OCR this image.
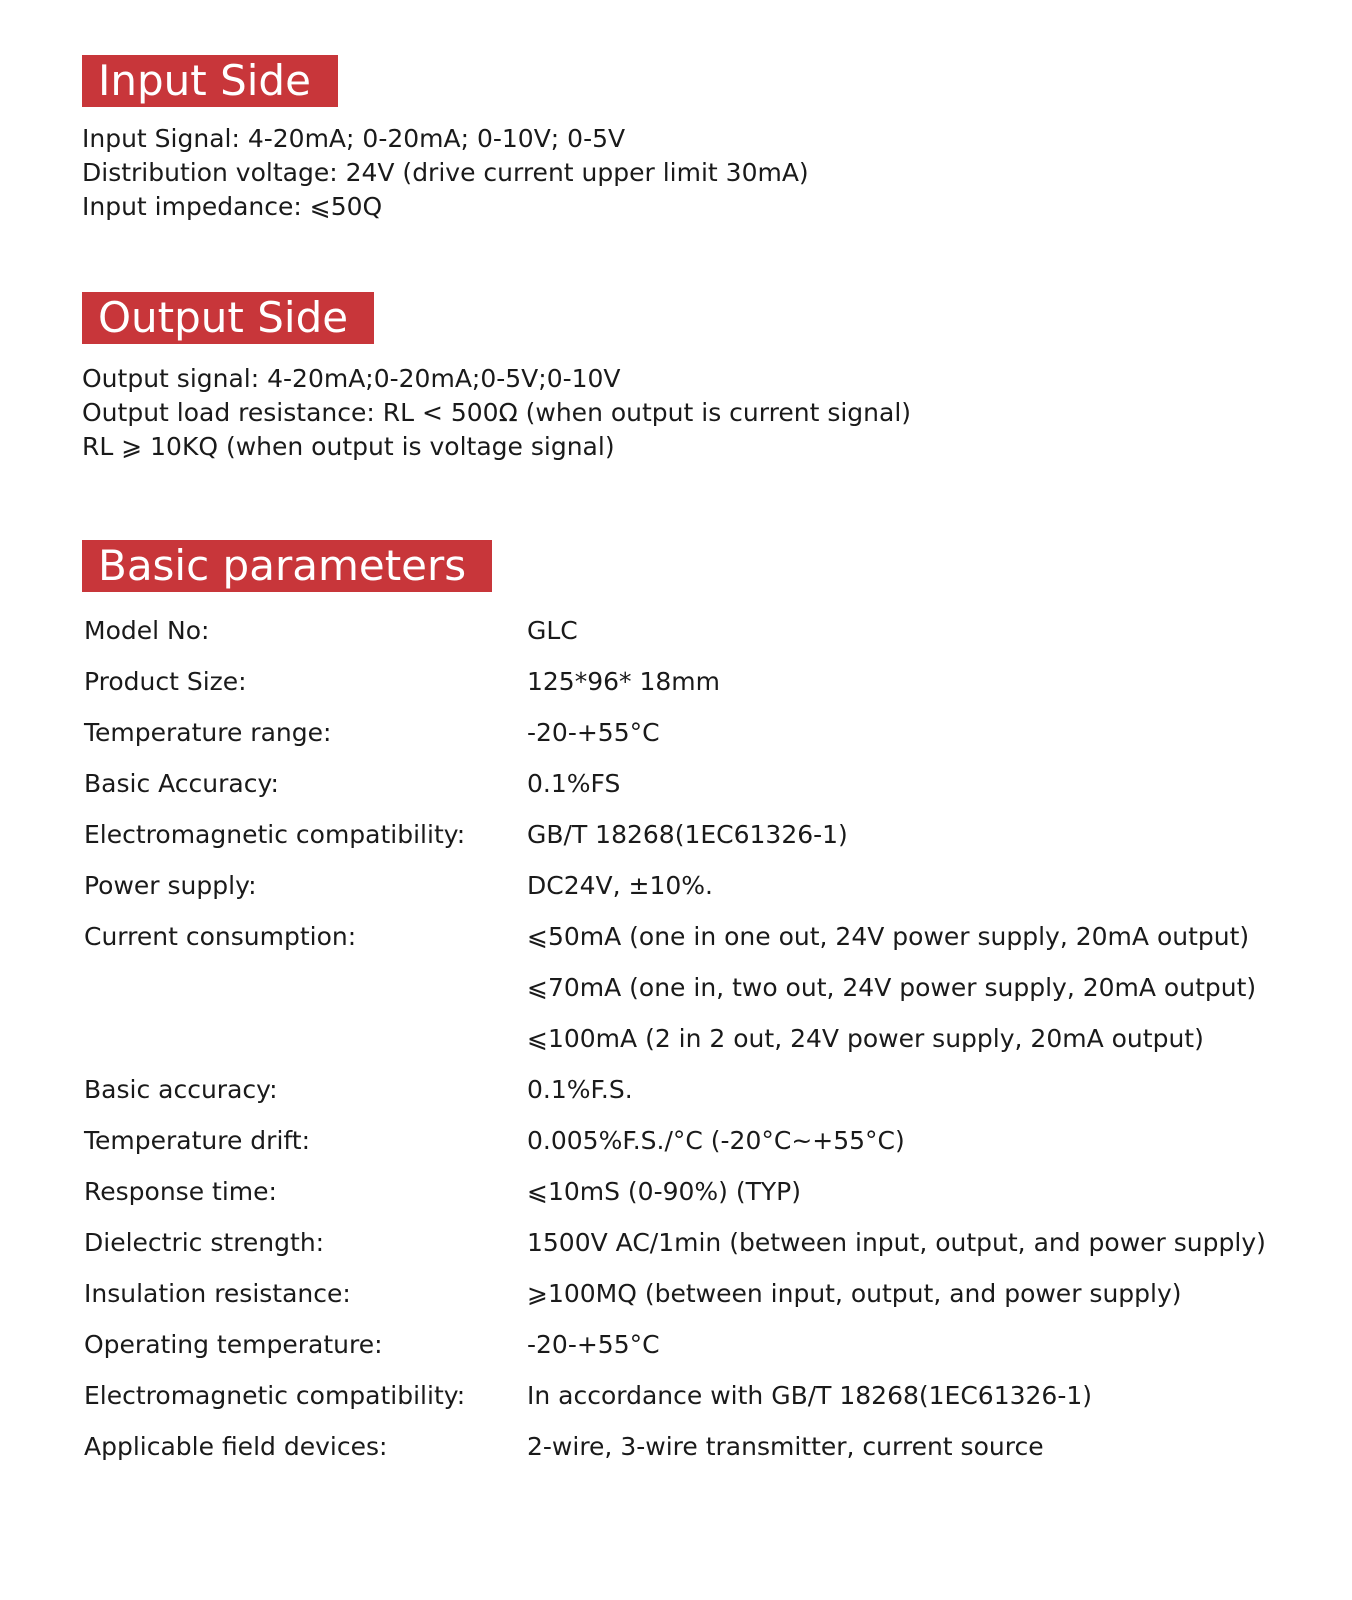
Input Side
Input Signal: 4-20mA; 0-20mA; 0-10V; 0-5V
Distribution voltage: 24V (drive current upper limit 30mA)
Input impedance: ⩽50Q
Output Side
Output signal: 4-20mA;0-20mA;0-5V;0-10V
Output load resistance: RL < 500Ω (when output is current signal)
RL ⩾ 10KQ (when output is voltage signal)
Basic parameters
Model No:	GLC
Product Size:	125*96* 18mm
Temperature range:	-20-+55°C
Basic Accuracy:	0.1%FS
Electromagnetic compatibility:	GB/T 18268(1EC61326-1)
Power supply:	DC24V, ±10%.
Current consumption:	⩽50mA (one in one out, 24V power supply, 20mA output)
⩽70mA (one in, two out, 24V power supply, 20mA output)
⩽100mA (2 in 2 out, 24V power supply, 20mA output)
Basic accuracy:	0.1%F.S.
Temperature drift:	0.005%F.S./°C (-20°C~+55°C)
Response time:	⩽10mS (0-90%) (TYP)
Dielectric strength:	1500V AC/1min (between input, output, and power supply)
Insulation resistance:	⩾100MQ (between input, output, and power supply)
Operating temperature:	-20-+55°C
Electromagnetic compatibility:	In accordance with GB/T 18268(1EC61326-1)
Applicable field devices:	2-wire, 3-wire transmitter, current source
